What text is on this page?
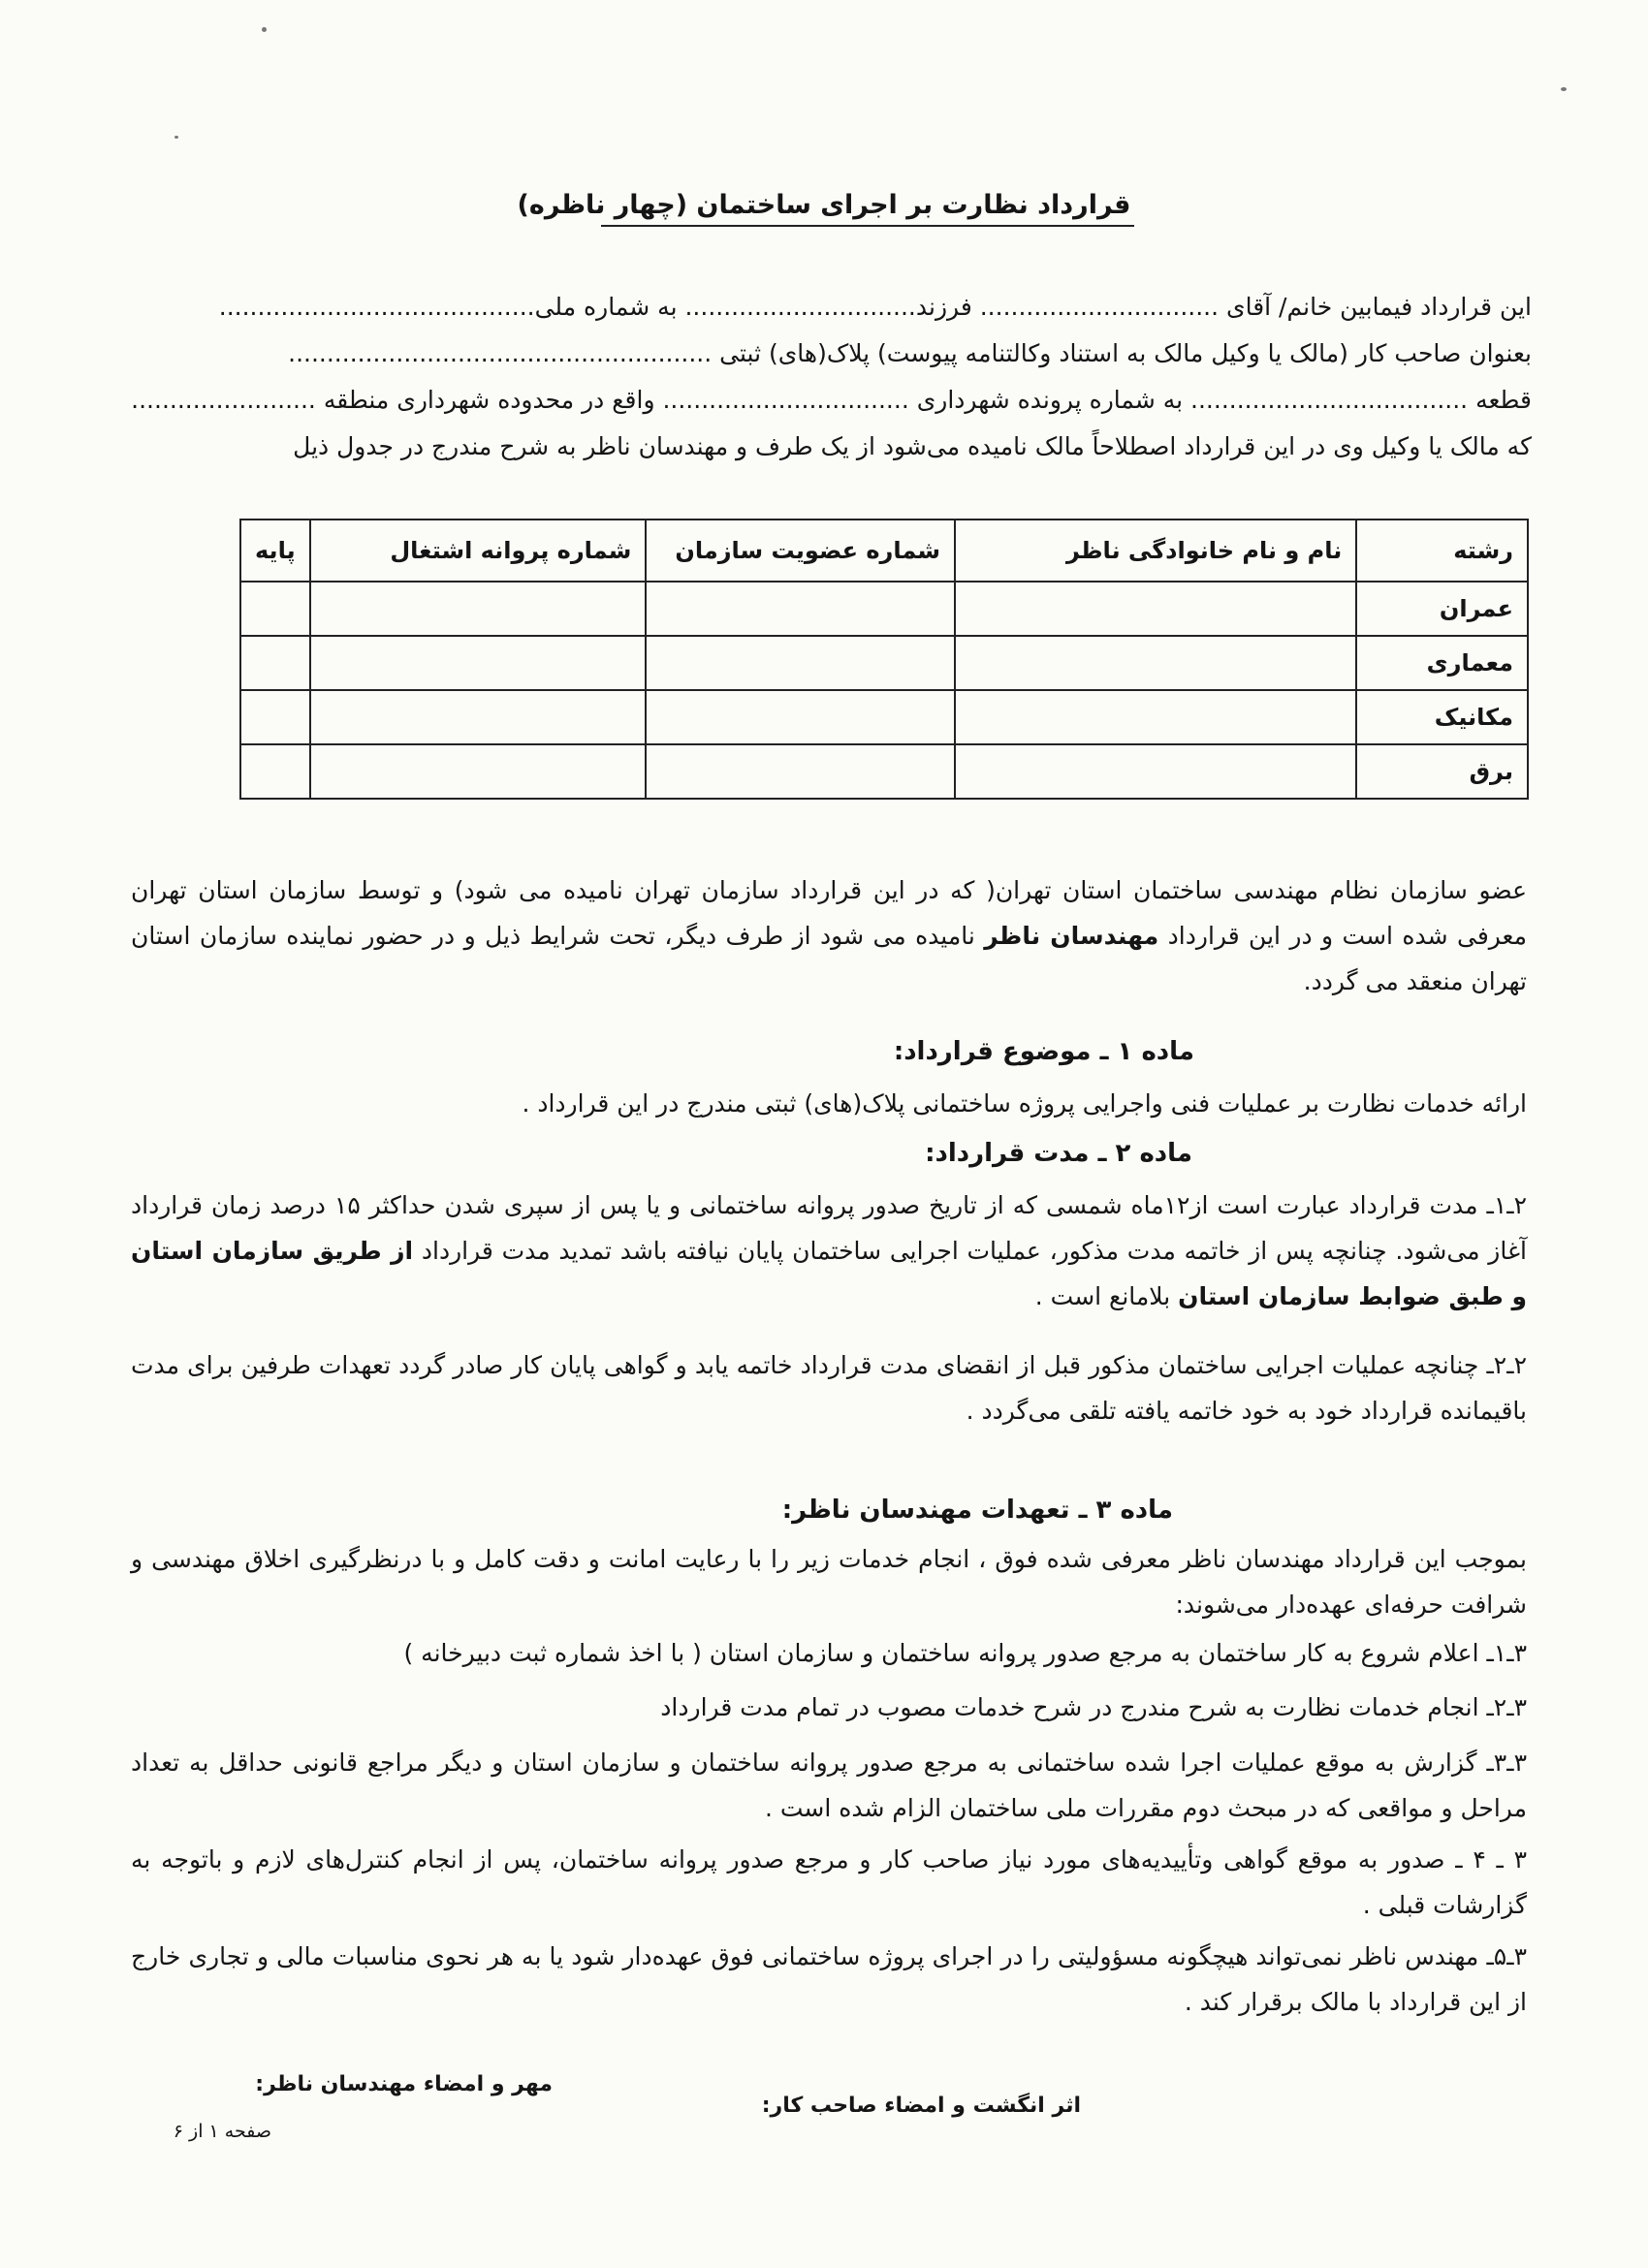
قرارداد نظارت بر اجرای ساختمان (چهار ناظره)
این قرارداد فیمابین خانم/ آقای ............................... فرزند.............................. به شماره ملی.........................................
بعنوان صاحب کار (مالک یا وکیل مالک به استناد وکالتنامه پیوست) پلاک(های) ثبتی .......................................................
قطعه .................................... به شماره پرونده شهرداری ................................ واقع در محدوده شهرداری منطقه ........................
که مالک یا وکیل وی در این قرارداد اصطلاحاً مالک نامیده می‌شود از یک طرف و مهندسان ناظر به شرح مندرج در جدول ذیل
رشته	نام و نام خانوادگی ناظر	شماره عضویت سازمان	شماره پروانه اشتغال	پایه
عمران				
معماری				
مکانیک				
برق				
عضو سازمان نظام مهندسی ساختمان استان تهران( که در این قرارداد سازمان تهران نامیده می شود) و توسط سازمان استان تهران معرفی شده است و در این قرارداد مهندسان ناظر نامیده می شود از طرف دیگر، تحت شرایط ذیل و در حضور نماینده سازمان استان تهران منعقد می گردد.
ماده ۱ ـ موضوع قرارداد:
ارائه خدمات نظارت بر عملیات فنی واجرایی پروژه ساختمانی پلاک(های) ثبتی مندرج در این قرارداد .
ماده ۲ ـ مدت قرارداد:
۲ـ۱ـ مدت قرارداد عبارت است از۱۲ماه شمسی که از تاریخ صدور پروانه ساختمانی و یا پس از سپری شدن حداکثر ۱۵ درصد زمان قرارداد آغاز می‌شود. چنانچه پس از خاتمه مدت مذکور، عملیات اجرایی ساختمان پایان نیافته باشد تمدید مدت قرارداد از طریق سازمان استان و طبق ضوابط سازمان استان بلامانع است .
۲ـ۲ـ چنانچه عملیات اجرایی ساختمان مذکور قبل از انقضای مدت قرارداد خاتمه یابد و گواهی پایان کار صادر گردد تعهدات طرفین برای مدت باقیمانده قرارداد خود به خود خاتمه یافته تلقی می‌گردد .
ماده ۳ ـ تعهدات مهندسان ناظر:
بموجب این قرارداد مهندسان ناظر معرفی شده فوق ، انجام خدمات زیر را با رعایت امانت و دقت کامل و با درنظرگیری اخلاق مهندسی و شرافت حرفه‌ای عهده‌دار می‌شوند:
۳ـ۱ـ اعلام شروع به کار ساختمان به مرجع صدور پروانه ساختمان و سازمان استان ( با اخذ شماره ثبت دبیرخانه )
۳ـ۲ـ انجام خدمات نظارت به شرح مندرج در شرح خدمات مصوب در تمام مدت قرارداد
۳ـ۳ـ گزارش به موقع عملیات اجرا شده ساختمانی به مرجع صدور پروانه ساختمان و سازمان استان و دیگر مراجع قانونی حداقل به تعداد مراحل و مواقعی که در مبحث دوم مقررات ملی ساختمان الزام شده است .
۳ ـ ۴ ـ صدور به موقع گواهی وتأییدیه‌های مورد نیاز صاحب کار و مرجع صدور پروانه ساختمان، پس از انجام کنترل‌های لازم و باتوجه به گزارشات قبلی .
۳ـ۵ـ مهندس ناظر نمی‌تواند هیچگونه مسؤولیتی را در اجرای پروژه ساختمانی فوق عهده‌دار شود یا به هر نحوی مناسبات مالی و تجاری خارج از این قرارداد با مالک برقرار کند .
اثر انگشت و امضاء صاحب کار:
مهر و امضاء مهندسان ناظر:
صفحه ۱ از ۶
